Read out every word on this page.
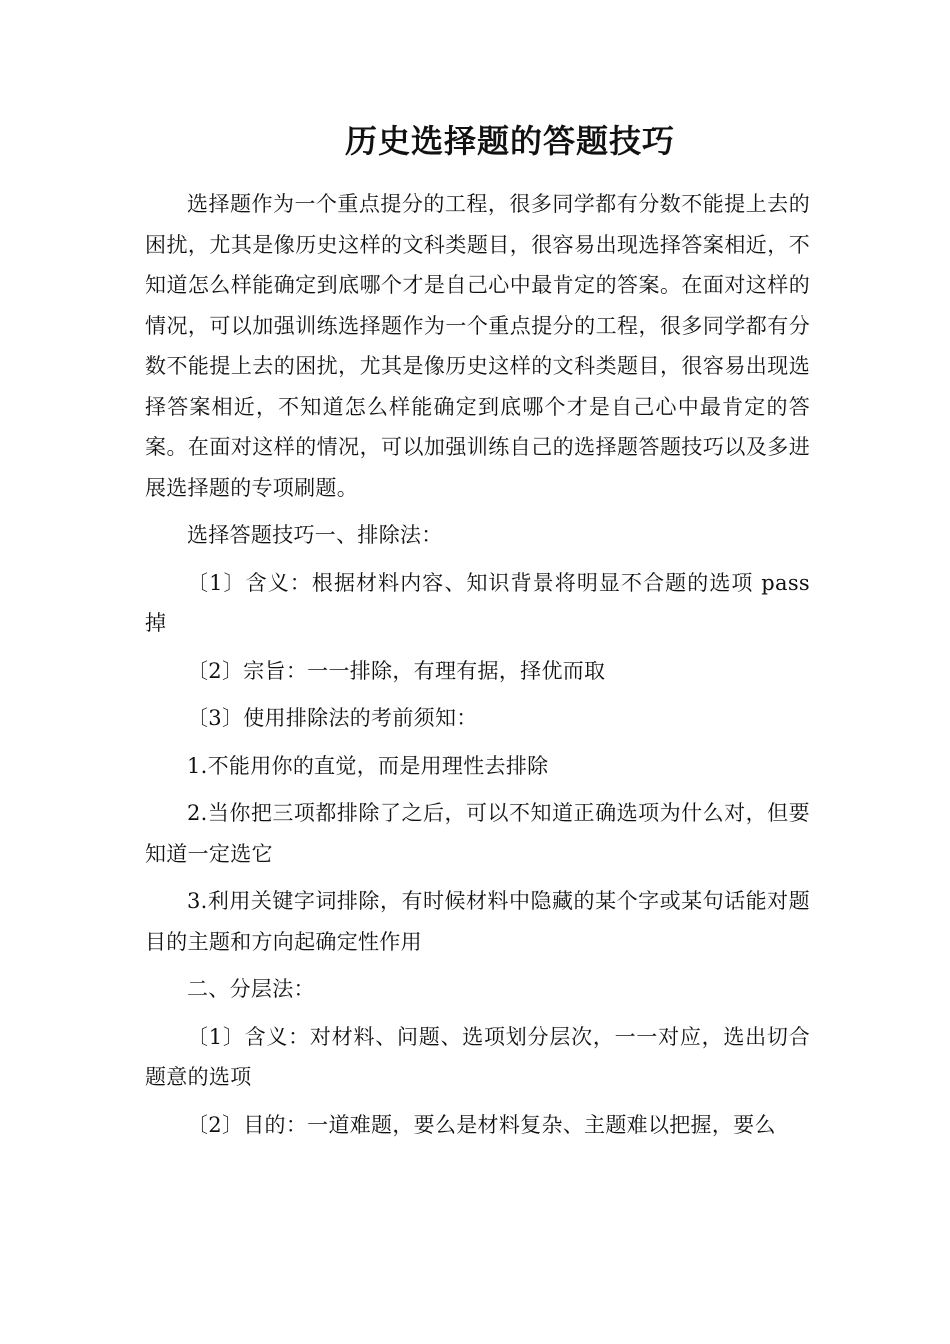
历史选择题的答题技巧

选择题作为一个重点提分的工程，很多同学都有分数不能提上去的困扰，尤其是像历史这样的文科类题目，很容易出现选择答案相近，不知道怎么样能确定到底哪个才是自己心中最肯定的答案。在面对这样的情况，可以加强训练选择题作为一个重点提分的工程，很多同学都有分数不能提上去的困扰，尤其是像历史这样的文科类题目，很容易出现选择答案相近，不知道怎么样能确定到底哪个才是自己心中最肯定的答案。在面对这样的情况，可以加强训练自己的选择题答题技巧以及多进展选择题的专项刷题。

选择答题技巧一、排除法：

〔1〕含义：根据材料内容、知识背景将明显不合题的选项 pass 掉

〔2〕宗旨：一一排除，有理有据，择优而取

〔3〕使用排除法的考前须知：

1.不能用你的直觉，而是用理性去排除

2.当你把三项都排除了之后，可以不知道正确选项为什么对，但要知道一定选它

3.利用关键字词排除，有时候材料中隐藏的某个字或某句话能对题目的主题和方向起确定性作用

二、分层法：

〔1〕含义：对材料、问题、选项划分层次，一一对应，选出切合题意的选项

〔2〕目的：一道难题，要么是材料复杂、主题难以把握，要么
